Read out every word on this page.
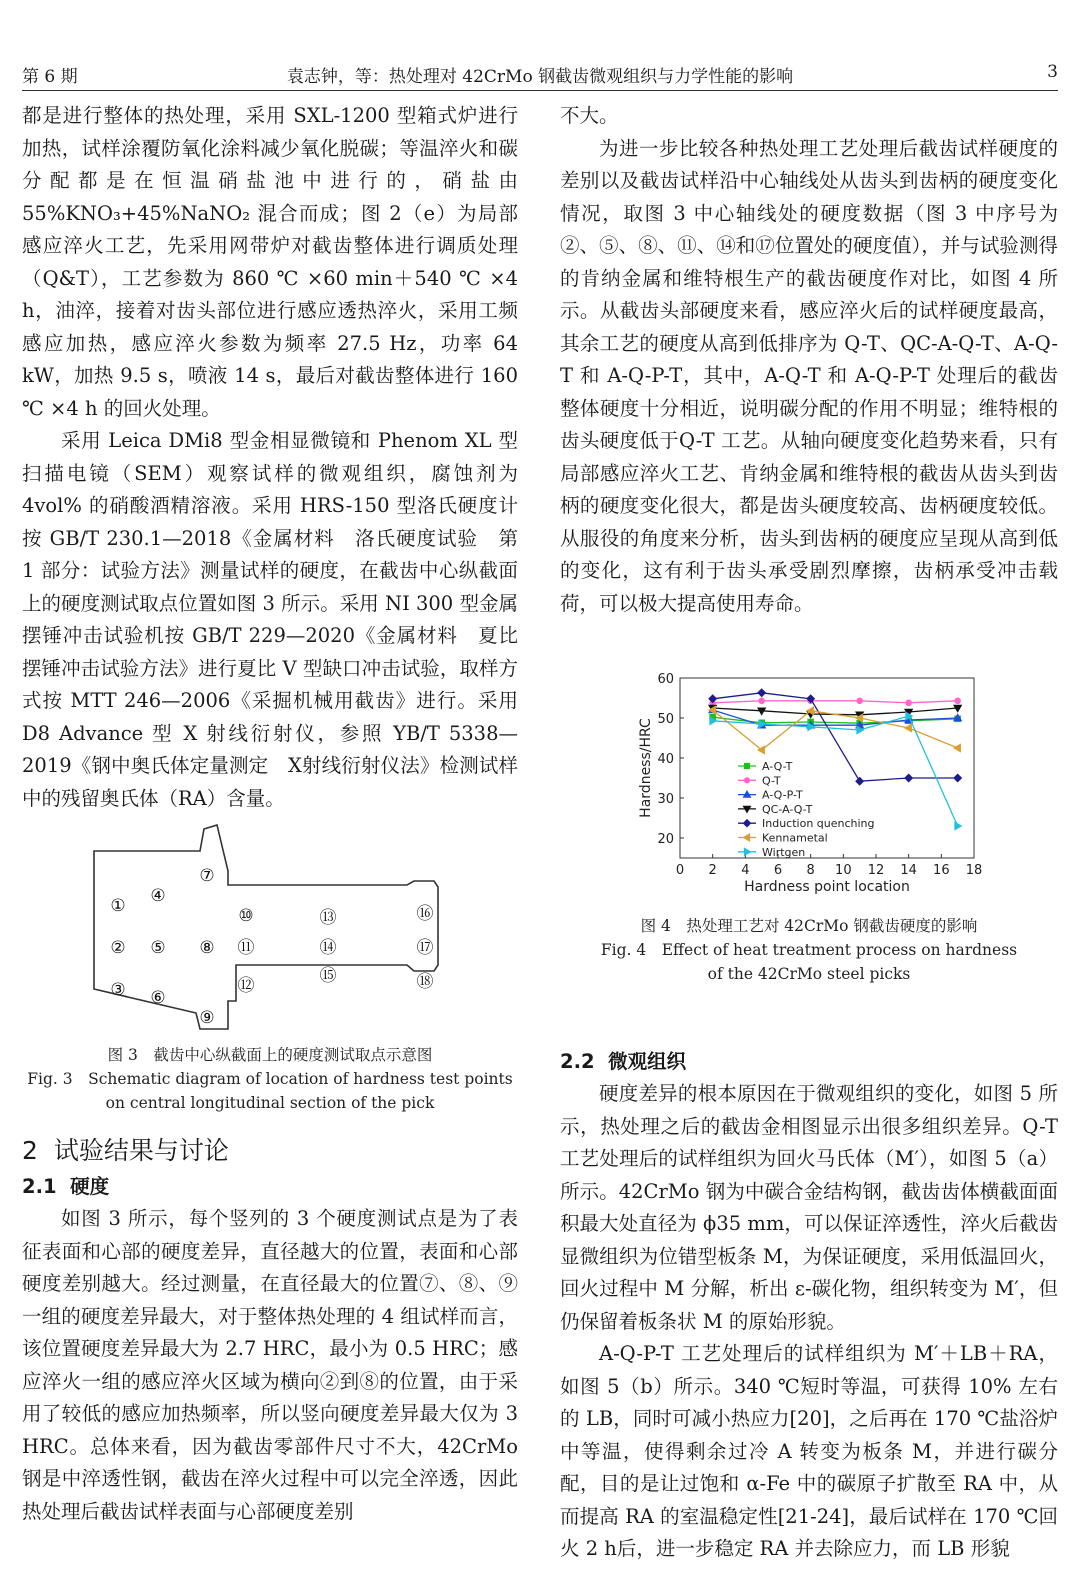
第 6 期	袁志钟，等：热处理对 42CrMo 钢截齿微观组织与力学性能的影响	3

都是进行整体的热处理，采用 SXL-1200 型箱式炉进行加热，试样涂覆防氧化涂料减少氧化脱碳；等温淬火和碳分配都是在恒温硝盐池中进行的，硝盐由55%KNO₃+45%NaNO₂ 混合而成；图 2（e）为局部感应淬火工艺，先采用网带炉对截齿整体进行调质处理（Q&T），工艺参数为 860 ℃ ×60 min＋540 ℃ ×4 h，油淬，接着对齿头部位进行感应透热淬火，采用工频感应加热，感应淬火参数为频率 27.5 Hz，功率 64 kW，加热 9.5 s，喷液 14 s，最后对截齿整体进行 160 ℃ ×4 h 的回火处理。

采用 Leica DMi8 型金相显微镜和 Phenom XL 型扫描电镜（SEM）观察试样的微观组织，腐蚀剂为 4vol% 的硝酸酒精溶液。采用 HRS-150 型洛氏硬度计按 GB/T 230.1—2018《金属材料　洛氏硬度试验　第 1 部分：试验方法》测量试样的硬度，在截齿中心纵截面上的硬度测试取点位置如图 3 所示。采用 NI 300 型金属摆锤冲击试验机按 GB/T 229—2020《金属材料　夏比摆锤冲击试验方法》进行夏比 V 型缺口冲击试验，取样方式按 MTT 246—2006《采掘机械用截齿》进行。采用 D8 Advance 型 X 射线衍射仪，参照 YB/T 5338—2019《钢中奥氏体定量测定　X射线衍射仪法》检测试样中的残留奥氏体（RA）含量。

①
②
③
④
⑤
⑥
⑦
⑧
⑨
⑩
⑪
⑫
⑬
⑭
⑮
⑯
⑰
⑱
图 3　截齿中心纵截面上的硬度测试取点示意图
Fig. 3　Schematic diagram of location of hardness test points
on central longitudinal section of the pick
2 试验结果与讨论
2.1 硬度

如图 3 所示，每个竖列的 3 个硬度测试点是为了表征表面和心部的硬度差异，直径越大的位置，表面和心部硬度差别越大。经过测量，在直径最大的位置⑦、⑧、⑨一组的硬度差异最大，对于整体热处理的 4 组试样而言，该位置硬度差异最大为 2.7 HRC，最小为 0.5 HRC；感应淬火一组的感应淬火区域为横向②到⑧的位置，由于采用了较低的感应加热频率，所以竖向硬度差异最大仅为 3 HRC。总体来看，因为截齿零部件尺寸不大，42CrMo 钢是中淬透性钢，截齿在淬火过程中可以完全淬透，因此热处理后截齿试样表面与心部硬度差别

不大。

为进一步比较各种热处理工艺处理后截齿试样硬度的差别以及截齿试样沿中心轴线处从齿头到齿柄的硬度变化情况，取图 3 中心轴线处的硬度数据（图 3 中序号为②、⑤、⑧、⑪、⑭和⑰位置处的硬度值），并与试验测得的肯纳金属和维特根生产的截齿硬度作对比，如图 4 所示。从截齿头部硬度来看，感应淬火后的试样硬度最高，其余工艺的硬度从高到低排序为 Q-T、QC-A-Q-T、A-Q-T 和 A-Q-P-T，其中，A-Q-T 和 A-Q-P-T 处理后的截齿整体硬度十分相近，说明碳分配的作用不明显；维特根的齿头硬度低于Q-T 工艺。从轴向硬度变化趋势来看，只有局部感应淬火工艺、肯纳金属和维特根的截齿从齿头到齿柄的硬度变化很大，都是齿头硬度较高、齿柄硬度较低。从服役的角度来分析，齿头到齿柄的硬度应呈现从高到低的变化，这有利于齿头承受剧烈摩擦，齿柄承受冲击载荷，可以极大提高使用寿命。

0 2 4 6 8 10 12 14 16 18
20
30
40
50
60
A-Q-T
Q-T
A-Q-P-T
QC-A-Q-T
Induction quenching
Kennametal
Wirtgen
Hardness point location
Hardness/HRC
图 4　热处理工艺对 42CrMo 钢截齿硬度的影响
Fig. 4　Effect of heat treatment process on hardness
of the 42CrMo steel picks
2.2 微观组织

硬度差异的根本原因在于微观组织的变化，如图 5 所示，热处理之后的截齿金相图显示出很多组织差异。Q-T 工艺处理后的试样组织为回火马氏体（M′），如图 5（a）所示。42CrMo 钢为中碳合金结构钢，截齿齿体横截面面积最大处直径为 ϕ35 mm，可以保证淬透性，淬火后截齿显微组织为位错型板条 M，为保证硬度，采用低温回火，回火过程中 M 分解，析出 ε-碳化物，组织转变为 M′，但仍保留着板条状 M 的原始形貌。

A-Q-P-T 工艺处理后的试样组织为 M′＋LB＋RA，如图 5（b）所示。340 ℃短时等温，可获得 10% 左右的 LB，同时可减小热应力[20]，之后再在 170 ℃盐浴炉中等温，使得剩余过冷 A 转变为板条 M，并进行碳分配，目的是让过饱和 α-Fe 中的碳原子扩散至 RA 中，从而提高 RA 的室温稳定性[21-24]，最后试样在 170 ℃回火 2 h后，进一步稳定 RA 并去除应力，而 LB 形貌
